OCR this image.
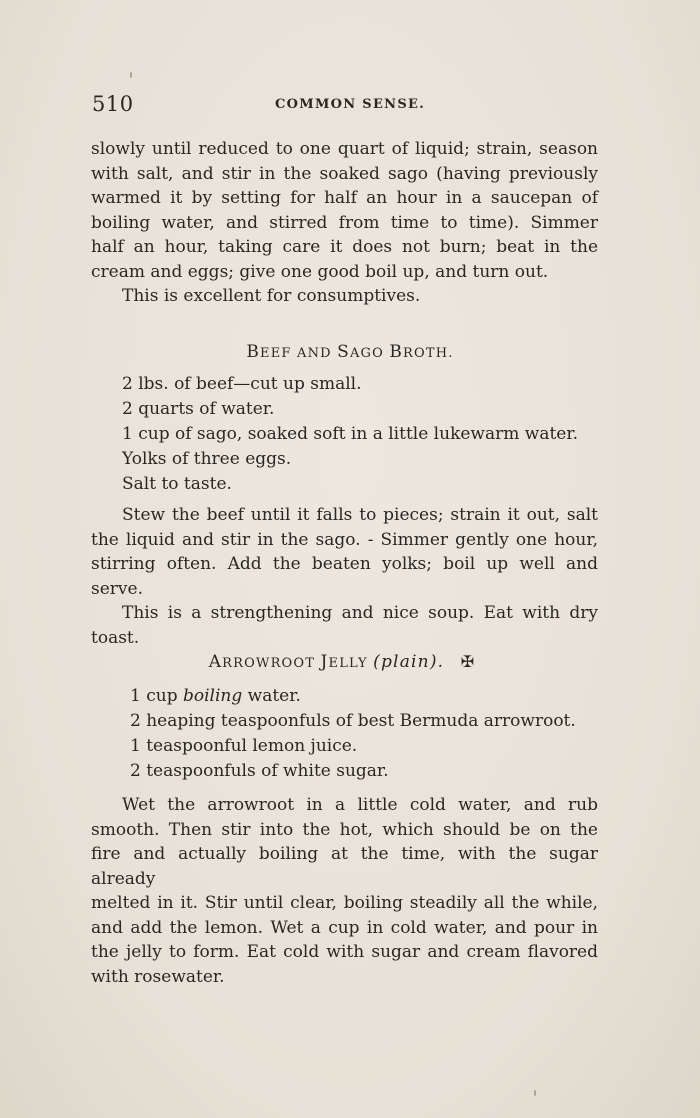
510	COMMON SENSE.

slowly until reduced to one quart of liquid; strain, season

with salt, and stir in the soaked sago (having previously

warmed it by setting for half an hour in a saucepan of

boiling water, and stirred from time to time). Simmer

half an hour, taking care it does not burn; beat in the

cream and eggs; give one good boil up, and turn out.

This is excellent for consumptives.

BEEF AND SAGO BROTH.
2 lbs. of beef—cut up small.
2 quarts of water.
1 cup of sago, soaked soft in a little lukewarm water.
Yolks of three eggs.
Salt to taste.

Stew the beef until it falls to pieces; strain it out, salt

the liquid and stir in the sago. - Simmer gently one hour,

stirring often. Add the beaten yolks; boil up well and

serve.

This is a strengthening and nice soup. Eat with dry

toast.

ARROWROOT JELLY (plain). ✠
1 cup boiling water.
2 heaping teaspoonfuls of best Bermuda arrowroot.
1 teaspoonful lemon juice.
2 teaspoonfuls of white sugar.

Wet the arrowroot in a little cold water, and rub

smooth. Then stir into the hot, which should be on the

fire and actually boiling at the time, with the sugar already

melted in it. Stir until clear, boiling steadily all the while,

and add the lemon. Wet a cup in cold water, and pour in

the jelly to form. Eat cold with sugar and cream flavored

with rosewater.
